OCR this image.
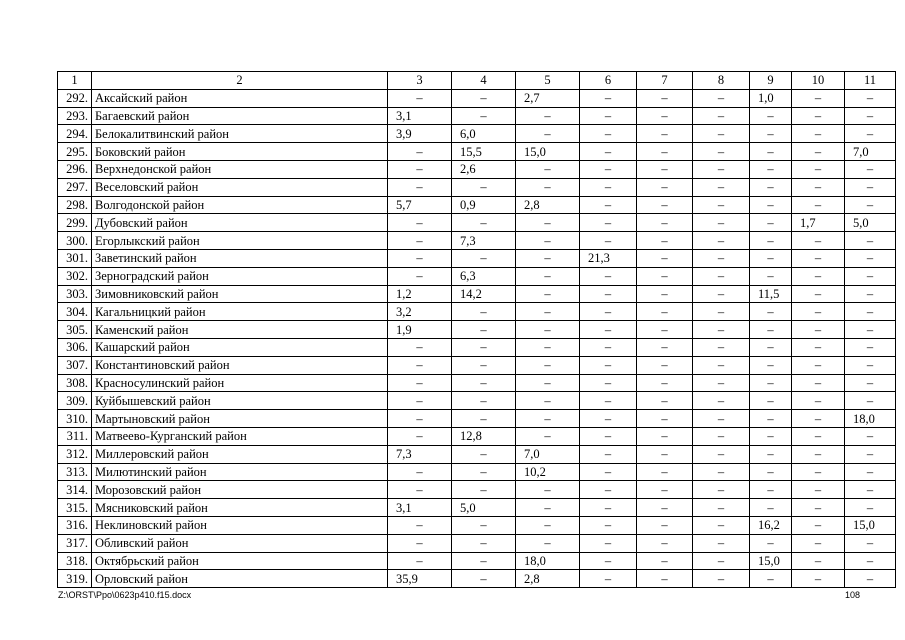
1	2	3	4	5	6	7	8	9	10	11
292.	Аксайский район	–	–	2,7	–	–	–	1,0	–	–
293.	Багаевский район	3,1	–	–	–	–	–	–	–	–
294.	Белокалитвинский район	3,9	6,0	–	–	–	–	–	–	–
295.	Боковский район	–	15,5	15,0	–	–	–	–	–	7,0
296.	Верхнедонской район	–	2,6	–	–	–	–	–	–	–
297.	Веселовский район	–	–	–	–	–	–	–	–	–
298.	Волгодонской район	5,7	0,9	2,8	–	–	–	–	–	–
299.	Дубовский район	–	–	–	–	–	–	–	1,7	5,0
300.	Егорлыкский район	–	7,3	–	–	–	–	–	–	–
301.	Заветинский район	–	–	–	21,3	–	–	–	–	–
302.	Зерноградский район	–	6,3	–	–	–	–	–	–	–
303.	Зимовниковский район	1,2	14,2	–	–	–	–	11,5	–	–
304.	Кагальницкий район	3,2	–	–	–	–	–	–	–	–
305.	Каменский район	1,9	–	–	–	–	–	–	–	–
306.	Кашарский район	–	–	–	–	–	–	–	–	–
307.	Константиновский район	–	–	–	–	–	–	–	–	–
308.	Красносулинский район	–	–	–	–	–	–	–	–	–
309.	Куйбышевский район	–	–	–	–	–	–	–	–	–
310.	Мартыновский район	–	–	–	–	–	–	–	–	18,0
311.	Матвеево-Курганский район	–	12,8	–	–	–	–	–	–	–
312.	Миллеровский район	7,3	–	7,0	–	–	–	–	–	–
313.	Милютинский район	–	–	10,2	–	–	–	–	–	–
314.	Морозовский район	–	–	–	–	–	–	–	–	–
315.	Мясниковский район	3,1	5,0	–	–	–	–	–	–	–
316.	Неклиновский район	–	–	–	–	–	–	16,2	–	15,0
317.	Обливский район	–	–	–	–	–	–	–	–	–
318.	Октябрьский район	–	–	18,0	–	–	–	15,0	–	–
319.	Орловский район	35,9	–	2,8	–	–	–	–	–	–
Z:\ORST\Ppo\0623p410.f15.docx	108
